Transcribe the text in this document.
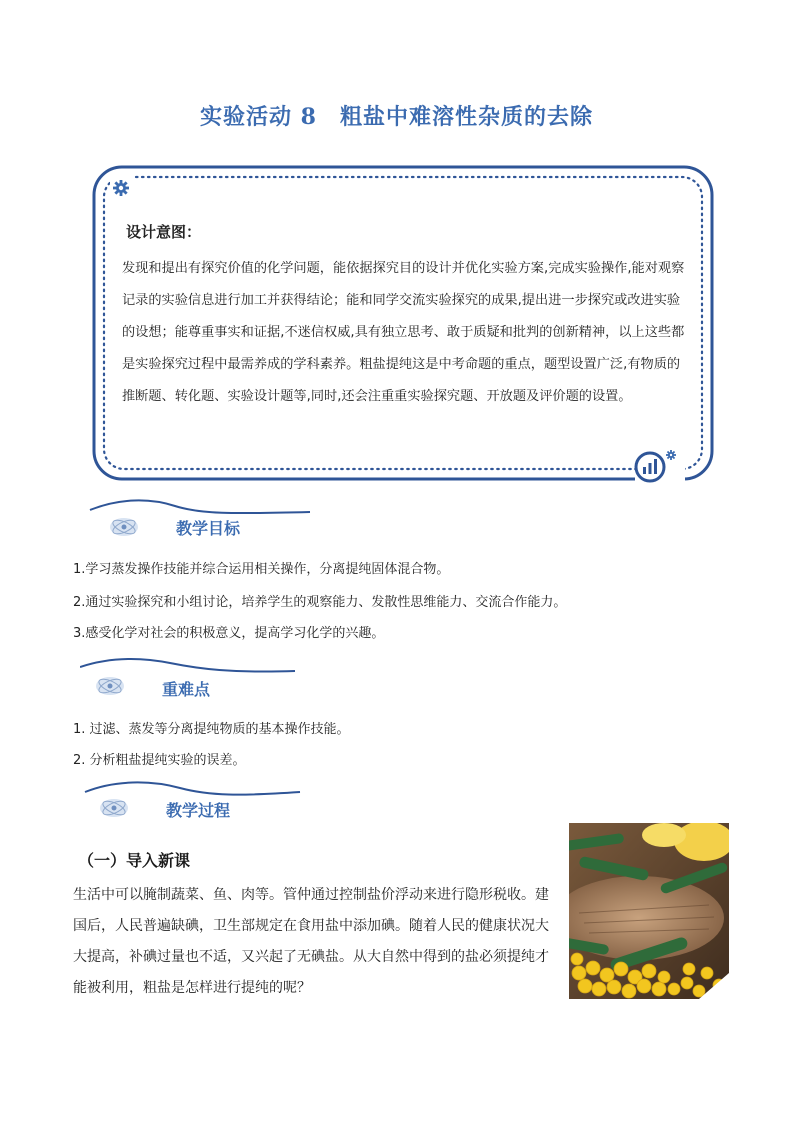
实验活动 8　粗盐中难溶性杂质的去除
设计意图：
发现和提出有探究价值的化学问题，能依据探究目的设计并优化实验方案,完成实验操作,能对观察记录的实验信息进行加工并获得结论；能和同学交流实验探究的成果,提出进一步探究或改进实验的设想；能尊重事实和证据,不迷信权威,具有独立思考、敢于质疑和批判的创新精神，以上这些都是实验探究过程中最需养成的学科素养。粗盐提纯这是中考命题的重点，题型设置广泛,有物质的推断题、转化题、实验设计题等,同时,还会注重重实验探究题、开放题及评价题的设置。
教学目标
1.学习蒸发操作技能并综合运用相关操作，分离提纯固体混合物。
2.通过实验探究和小组讨论，培养学生的观察能力、发散性思维能力、交流合作能力。
3.感受化学对社会的积极意义，提高学习化学的兴趣。
重难点
1. 过滤、蒸发等分离提纯物质的基本操作技能。
2. 分析粗盐提纯实验的误差。
教学过程
（一）导入新课
生活中可以腌制蔬菜、鱼、肉等。管仲通过控制盐价浮动来进行隐形税收。建国后，人民普遍缺碘，卫生部规定在食用盐中添加碘。随着人民的健康状况大大提高，补碘过量也不适，又兴起了无碘盐。从大自然中得到的盐必须提纯才能被利用，粗盐是怎样进行提纯的呢？
